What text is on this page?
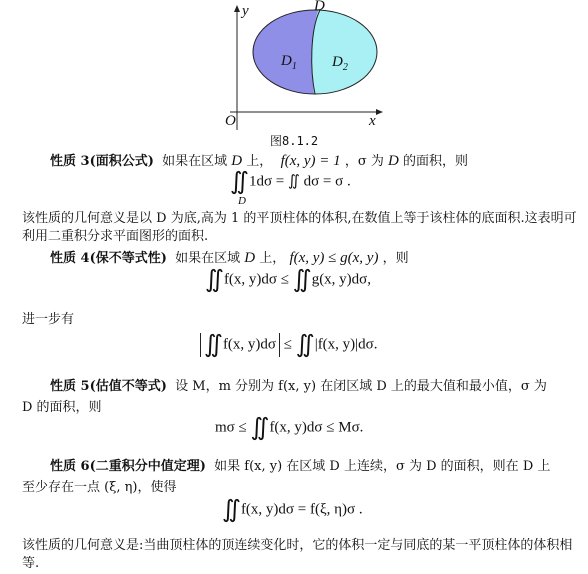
y	D
$D_1$ $D_2$
O	x
图8.1.2
性质 3(面积公式) 如果在区域 D 上， f(x, y) = 1 ，σ 为 D 的面积，则
∬1dσ = ∬ dσ = σ .
D
该性质的几何意义是以 D 为底,高为 1 的平顶柱体的体积,在数值上等于该柱体的底面积.这表明可利用二重积分求平面图形的面积.
性质 4(保不等式性) 如果在区域 D 上， f(x, y) ≤ g(x, y) ，则
∬f(x, y)dσ ≤ ∬g(x, y)dσ,
进一步有
∬f(x, y)dσ ≤ ∬|f(x, y)|dσ.
性质 5(估值不等式) 设 M，m 分别为 f(x, y) 在闭区域 D 上的最大值和最小值，σ 为
D 的面积，则
mσ ≤ ∬f(x, y)dσ ≤ Mσ.
性质 6(二重积分中值定理) 如果 f(x, y) 在区域 D 上连续，σ 为 D 的面积，则在 D 上
至少存在一点 (ξ, η)，使得
∬f(x, y)dσ = f(ξ, η)σ .
该性质的几何意义是:当曲顶柱体的顶连续变化时，它的体积一定与同底的某一平顶柱体的体积相等.
